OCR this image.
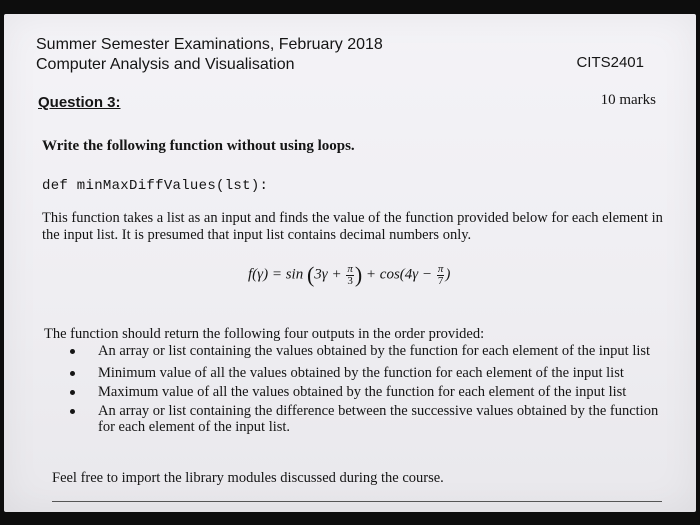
Summer Semester Examinations, February 2018
Computer Analysis and Visualisation	CITS2401
Question 3:	10 marks
Write the following function without using loops.
def minMaxDiffValues(lst):
This function takes a list as an input and finds the value of the function provided below for each element in the input list. It is presumed that input list contains decimal numbers only.
$f(\gamma) = \sin (3\gamma + \frac{\pi}{3}$ ) + $\cos(4\gamma - \frac{\pi}{7}$ )
The function should return the following four outputs in the order provided:
An array or list containing the values obtained by the function for each element of the input list
Minimum value of all the values obtained by the function for each element of the input list
Maximum value of all the values obtained by the function for each element of the input list
An array or list containing the difference between the successive values obtained by the function for each element of the input list.
Feel free to import the library modules discussed during the course.
